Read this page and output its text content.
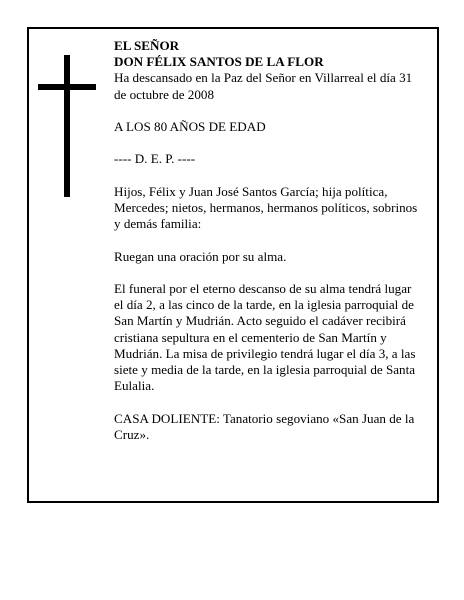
EL SEÑOR

DON FÉLIX SANTOS DE LA FLOR

Ha descansado en la Paz del Señor en Villarreal el día 31 de octubre de 2008

A LOS 80 AÑOS DE EDAD

---- D. E. P. ----

Hijos, Félix y Juan José Santos García; hija política, Mercedes; nietos, hermanos, hermanos políticos, sobrinos y demás familia:

Ruegan una oración por su alma.

El funeral por el eterno descanso de su alma tendrá lugar el día 2, a las cinco de la tarde, en la iglesia parroquial de San Martín y Mudrián. Acto seguido el cadáver recibirá cristiana sepultura en el cementerio de San Martín y Mudrián. La misa de privilegio tendrá lugar el día 3, a las siete y media de la tarde, en la iglesia parroquial de Santa Eulalia.

CASA DOLIENTE: Tanatorio segoviano «San Juan de la Cruz».
